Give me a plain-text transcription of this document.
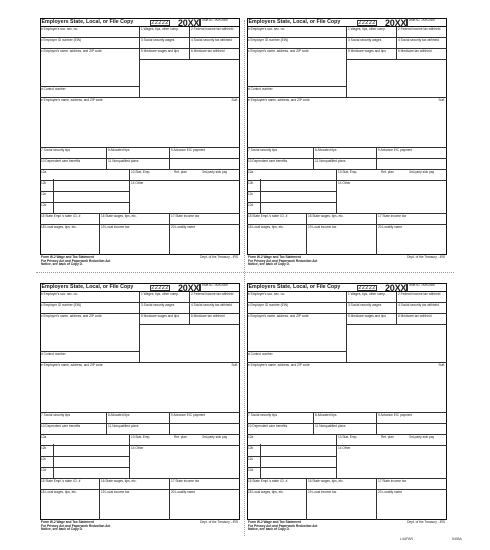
Employers State, Local, or File Copy	22222 20XX OMB No. 1545-0008
b Employer's soc. sec. no.
c Employer ID number (EIN)
c Employer's name, address, and ZIP code
d Control number
1 Wages, tips, other comp.	2 Federal income tax withheld
3 Social security wages	4 Social security tax withheld
5 Medicare wages and tips	6 Medicare tax withheld
e Employee's name, address, and ZIP code	Suff.
7 Social security tips	8 Allocated tips	9 Advance EIC payment
10 Dependent care benefits	11 Nonqualified plans
12a
12b
12c
12d
13 Stat. Emp.	Ret. plan	3rd-party sick pay
14 Other
15 State Empl.'s state I.D. #	16 State wages, tips, etc.	17 State income tax
18 Local wages, tips, etc.	19 Local income tax	20 Locality name
Form W-2 Wage and Tax Statement
For Privacy Act and Paperwork Reduction Act
Notice, see back of Copy D.
Dept. of the Treasury - IRS
Employers State, Local, or File Copy	22222 20XX OMB No. 1545-0008
b Employer's soc. sec. no.
c Employer ID number (EIN)
c Employer's name, address, and ZIP code
d Control number
1 Wages, tips, other comp.	2 Federal income tax withheld
3 Social security wages	4 Social security tax withheld
5 Medicare wages and tips	6 Medicare tax withheld
e Employee's name, address, and ZIP code	Suff.
7 Social security tips	8 Allocated tips	9 Advance EIC payment
10 Dependent care benefits	11 Nonqualified plans
12a
12b
12c
12d
13 Stat. Emp.	Ret. plan	3rd-party sick pay
14 Other
15 State Empl.'s state I.D. #	16 State wages, tips, etc.	17 State income tax
18 Local wages, tips, etc.	19 Local income tax	20 Locality name
Form W-2 Wage and Tax Statement
For Privacy Act and Paperwork Reduction Act
Notice, see back of Copy D.
Dept. of the Treasury - IRS
Employers State, Local, or File Copy	22222 20XX OMB No. 1545-0008
b Employer's soc. sec. no.
c Employer ID number (EIN)
c Employer's name, address, and ZIP code
d Control number
1 Wages, tips, other comp.	2 Federal income tax withheld
3 Social security wages	4 Social security tax withheld
5 Medicare wages and tips	6 Medicare tax withheld
e Employee's name, address, and ZIP code	Suff.
7 Social security tips	8 Allocated tips	9 Advance EIC payment
10 Dependent care benefits	11 Nonqualified plans
12a
12b
12c
12d
13 Stat. Emp.	Ret. plan	3rd-party sick pay
14 Other
15 State Empl.'s state I.D. #	16 State wages, tips, etc.	17 State income tax
18 Local wages, tips, etc.	19 Local income tax	20 Locality name
Form W-2 Wage and Tax Statement
For Privacy Act and Paperwork Reduction Act
Notice, see back of Copy D.
Dept. of the Treasury - IRS
Employers State, Local, or File Copy	22222 20XX OMB No. 1545-0008
b Employer's soc. sec. no.
c Employer ID number (EIN)
c Employer's name, address, and ZIP code
d Control number
1 Wages, tips, other comp.	2 Federal income tax withheld
3 Social security wages	4 Social security tax withheld
5 Medicare wages and tips	6 Medicare tax withheld
e Employee's name, address, and ZIP code	Suff.
7 Social security tips	8 Allocated tips	9 Advance EIC payment
10 Dependent care benefits	11 Nonqualified plans
12a
12b
12c
12d
13 Stat. Emp.	Ret. plan	3rd-party sick pay
14 Other
15 State Empl.'s state I.D. #	16 State wages, tips, etc.	17 State income tax
18 Local wages, tips, etc.	19 Local income tax	20 Locality name
Form W-2 Wage and Tax Statement
For Privacy Act and Paperwork Reduction Act
Notice, see back of Copy D.
Dept. of the Treasury - IRS
L4UPAR	5405A
